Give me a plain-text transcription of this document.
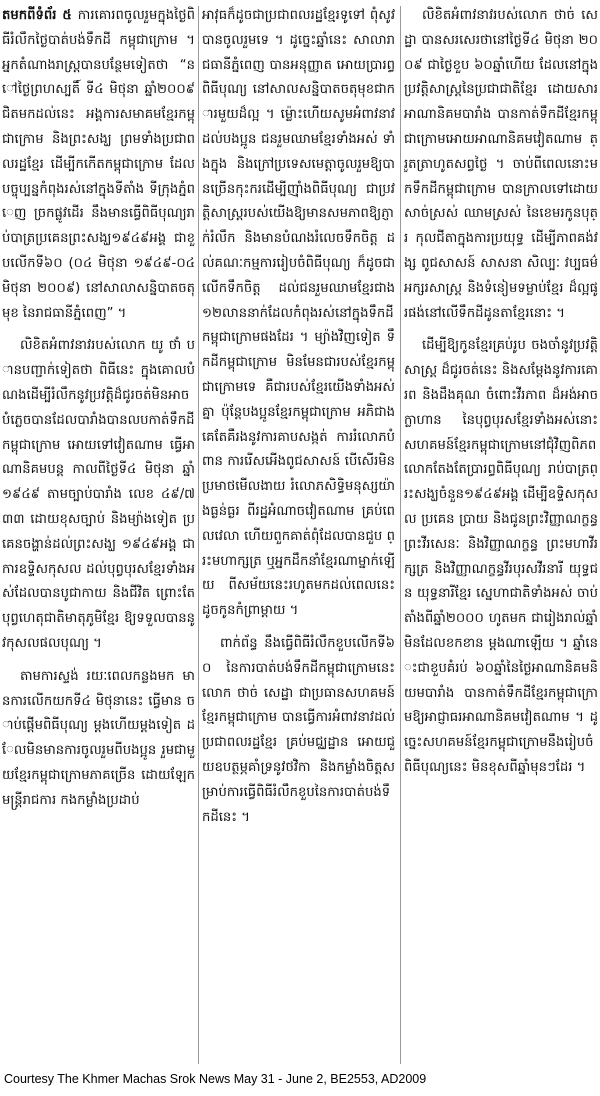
តមកពីទំព័រ ៥ ការគោរពចូលរួមក្នុងថ្ងៃពិធីរំលឹកថ្ងៃបាត់បង់ទឹកដី កម្ពុជាក្រោម ។ អ្នកតំណាងរាស្ត្របានបន្ថែមទៀតថា “នៅថ្ងៃព្រហស្បតិ៍ ទី៤ មិថុនា ឆ្នាំ២០០៩ ជិតមកដល់នេះ អង្គការសមាគមខ្មែរកម្ពុជាក្រោម និងព្រះសង្ឃ ព្រមទាំងប្រជាពលរដ្ឋខ្មែរ ដើម្បីកកើតកម្ពុជាក្រោម ដែលបច្ចុប្បន្នកំពុងរស់នៅក្នុងទីតាំង ទីក្រុងភ្នំពេញ ច្រកផ្លូវដើរ នឹងមានធ្វើពិធីបុណ្យរាប់បាត្រប្រគេនព្រះសង្ឃ១៩៤៩អង្គ ជាខួបលើកទី៦០ (០៤ មិថុនា ១៩៤៩-០៤ មិថុនា ២០០៩) នៅសាលាសន្និបាតចតុមុខ នៃរាជធានីភ្នំពេញ” ។

លិខិតអំពាវនាវរបស់លោក យូ ថាំ បានបញ្ជាក់ទៀតថា ពិធីនេះ ក្នុងគោលបំណងដើម្បីរំលឹកនូវប្រវត្តិដ៏ជូរចត់មិនអាចបំភ្លេចបានដែលបារាំងបានលបកាត់ទឹកដីកម្ពុជាក្រោម អោយទៅវៀតណាម ធ្វើអាណានិគមបន្ត កាលពីថ្ងៃទី៤ មិថុនា ឆ្នាំ ១៩៤៩ តាមច្បាប់បារាំង លេខ ៤៩/៧៣៣ ដោយខុសច្បាប់ និងម្យ៉ាងទៀត ប្រគេនចង្ហាន់ដល់ព្រះសង្ឃ ១៩៤៩អង្គ ជាការឧទ្ទិសកុសល ដល់បុព្វបុរសខ្មែរទាំងអស់ដែលបានបូជាកាយ និងជីវិត ព្រោះតែបុព្វហេតុជាតិមាតុភូមិខ្មែរ ឱ្យទទួលបាននូវកុសលផលបុណ្យ ។

តាមការស្ទង់ រយៈពេលកន្លងមក មានការលើកយកទី៤ មិថុនានេះ ធ្វើមាន ចាប់ផ្តើមពិធីបុណ្យ ម្តងហើយម្តងទៀត ដែលមិនមានការចូលរួមពីបងប្អូន រួមជាមួយខ្មែរកម្ពុជាក្រោមភាគច្រើន ដោយឡែក មន្ត្រីរាជការ កងកម្លាំងប្រដាប់

អាវុធក៏ដូចជាប្រជាពលរដ្ឋខ្មែរទូទៅ ពុំសូវបានចូលរួមទេ ។ ដូច្នេះឆ្នាំនេះ សាលារាជធានីភ្នំពេញ បានអនុញ្ញាត អោយប្រារព្ធពិធីបុណ្យ នៅសាលសន្និបាតចតុមុខជាការមួយដ៏ល្អ ។ ម៉្លោះហើយសូមអំពាវនាវ ដល់បងប្អូន ជនរួមឈាមខ្មែរទាំងអស់ ទាំងក្នុង និងក្រៅប្រទេសមេត្តាចូលរួមឱ្យបានច្រើនកុះករដើម្បីញ៉ាំងពិធីបុណ្យ ជាប្រវត្តិសាស្ត្ររបស់យើងឱ្យមានសមភាពឱ្យភ្ញាក់រំលឹក និងមានបំណងរំលេចទឹកចិត្ត ដល់គណៈកម្មការរៀបចំពិធីបុណ្យ ក៏ដូចជាលើកទឹកចិត្ត ដល់ជនរួមឈាមខ្មែរជាង ១២លាននាក់ដែលកំពុងរស់នៅក្នុងទឹកដីកម្ពុជាក្រោមផងដែរ ។ ម្យ៉ាងវិញទៀត ទឹកដីកម្ពុជាក្រោម មិនមែនជារបស់ខ្មែរកម្ពុជាក្រោមទេ គឺជារបស់ខ្មែរយើងទាំងអស់គ្នា ប៉ុន្តែបងប្អូនខ្មែរកម្ពុជាក្រោម អភិជាងគេតែគឺរងនូវការគាបសង្កត់ ការរំលោភបំពាន ការរើសអើងពូជសាសន៍ បើសើរមិន ប្រមាថមើលងាយ រំលោភសិទ្ធិមនុស្សយ៉ាងធ្ងន់ធ្ងរ ពីរដ្ឋអំណាចវៀតណាម គ្រប់ពេលវេលា ហើយពួកគាត់ពុំដែលបានជួប ព្រះមហាក្សត្រ ឬអ្នកដឹកនាំខ្មែរណាម្នាក់ឡើយ ពីសម័យនេះរហូតមកដល់ពេលនេះ ដូចកូនកំព្រាម្តាយ ។

ពាក់ព័ន្ធ នឹងធ្វើពិធីរំលឹកខួបលើកទី៦០ នៃការបាត់បង់ទឹកដីកម្ពុជាក្រោមនេះ លោក ថាច់ សេដ្ឋា ជាប្រធានសហគមន៍ខ្មែរកម្ពុជាក្រោម បានធ្វើការអំពាវនាវដល់ប្រជាពលរដ្ឋខ្មែរ គ្រប់មជ្ឈដ្ឋាន អោយជួយឧបត្ថម្ភគាំទ្រនូវថវិកា និងកម្លាំងចិត្តសម្រាប់ការធ្វើពិធីរំលឹកខួបនៃការបាត់បង់ទឹកដីនេះ ។

លិខិតអំពាវនាវរបស់លោក ថាច់ សេដ្ឋា បានសរសេរថានៅថ្ងៃទី៤ មិថុនា ២០០៩ ជាថ្ងៃខួប ៦០ឆ្នាំហើយ ដែលនៅក្នុងប្រវត្តិសាស្ត្រនៃប្រជាជាតិខ្មែរ ដោយសារអាណានិគមបារាំង បានកាត់ទឹកដីខ្មែរកម្ពុជាក្រោមអោយអាណានិគមវៀតណាម ត្រួតត្រាហូតសព្វថ្ងៃ ។ ចាប់ពីពេលនោះមកទឹកដីកម្ពុជាក្រោម បានក្រាលទៅដោយ សាច់ស្រស់ ឈាមស្រស់ នៃខេមរកូនបុត្រ កុលជីតាក្នុងការប្រយុទ្ធ ដើម្បីភាពគង់វង្ស ពូជសាសន៍ សាសនា សិល្បៈ វប្បធម៌ អក្សរសាស្ត្រ និងទំនៀមទម្លាប់ខ្មែរ ដ៏ល្អផូរផង់នៅលើទឹកដីដូនតាខ្មែរនោះ ។

ដើម្បីឱ្យកូនខ្មែរគ្រប់រូប ចងចាំនូវប្រវត្តិសាស្ត្រ ដ៏ជូរចត់នេះ និងសម្តែងនូវការគោរព និងដឹងគុណ ចំពោះវីរភាព ដ៏អង់អាចក្លាហាន នៃបុព្វបុរសខ្មែរទាំងអស់នោះ សហគមន៍ខ្មែរកម្ពុជាក្រោមនៅជុំវិញពិភពលោកតែងតែប្រារព្ធពិធីបុណ្យ រាប់បាត្រព្រះសង្ឃចំនួន១៩៤៩អង្គ ដើម្បីឧទ្ទិសកុសល ប្រគេន ប្រាយ និងជូនព្រះវិញ្ញាណក្ខន្ធ ព្រះវីរសេនៈ និងវិញ្ញាណក្ខន្ធ ព្រះមហាវីរក្សត្រ និងវិញ្ញាណក្ខន្ធវីរបុរសវីរនារី យុទ្ធជន យុទ្ធនារីខ្មែរ ស្នេហាជាតិទាំងអស់ ចាប់តាំងពីឆ្នាំ២០០០ ហូតមក ជារៀងរាល់ឆ្នាំ មិនដែលខកខាន ម្តងណាឡើយ ។ ឆ្នាំនេះជាខួបគំរប់ ៦០ឆ្នាំនៃថ្ងៃអាណានិគមនិយមបារាំង បានកាត់ទឹកដីខ្មែរកម្ពុជាក្រោមឱ្យអាជ្ញាធរអាណានិគមវៀតណាម ។ ដូច្នេះសហគមន៍ខ្មែរកម្ពុជាក្រោមនឹងរៀបចំពិធីបុណ្យនេះ មិនខុសពីឆ្នាំមុនៗដែរ ។

Courtesy The Khmer Machas Srok News May 31 - June 2, BE2553, AD2009
